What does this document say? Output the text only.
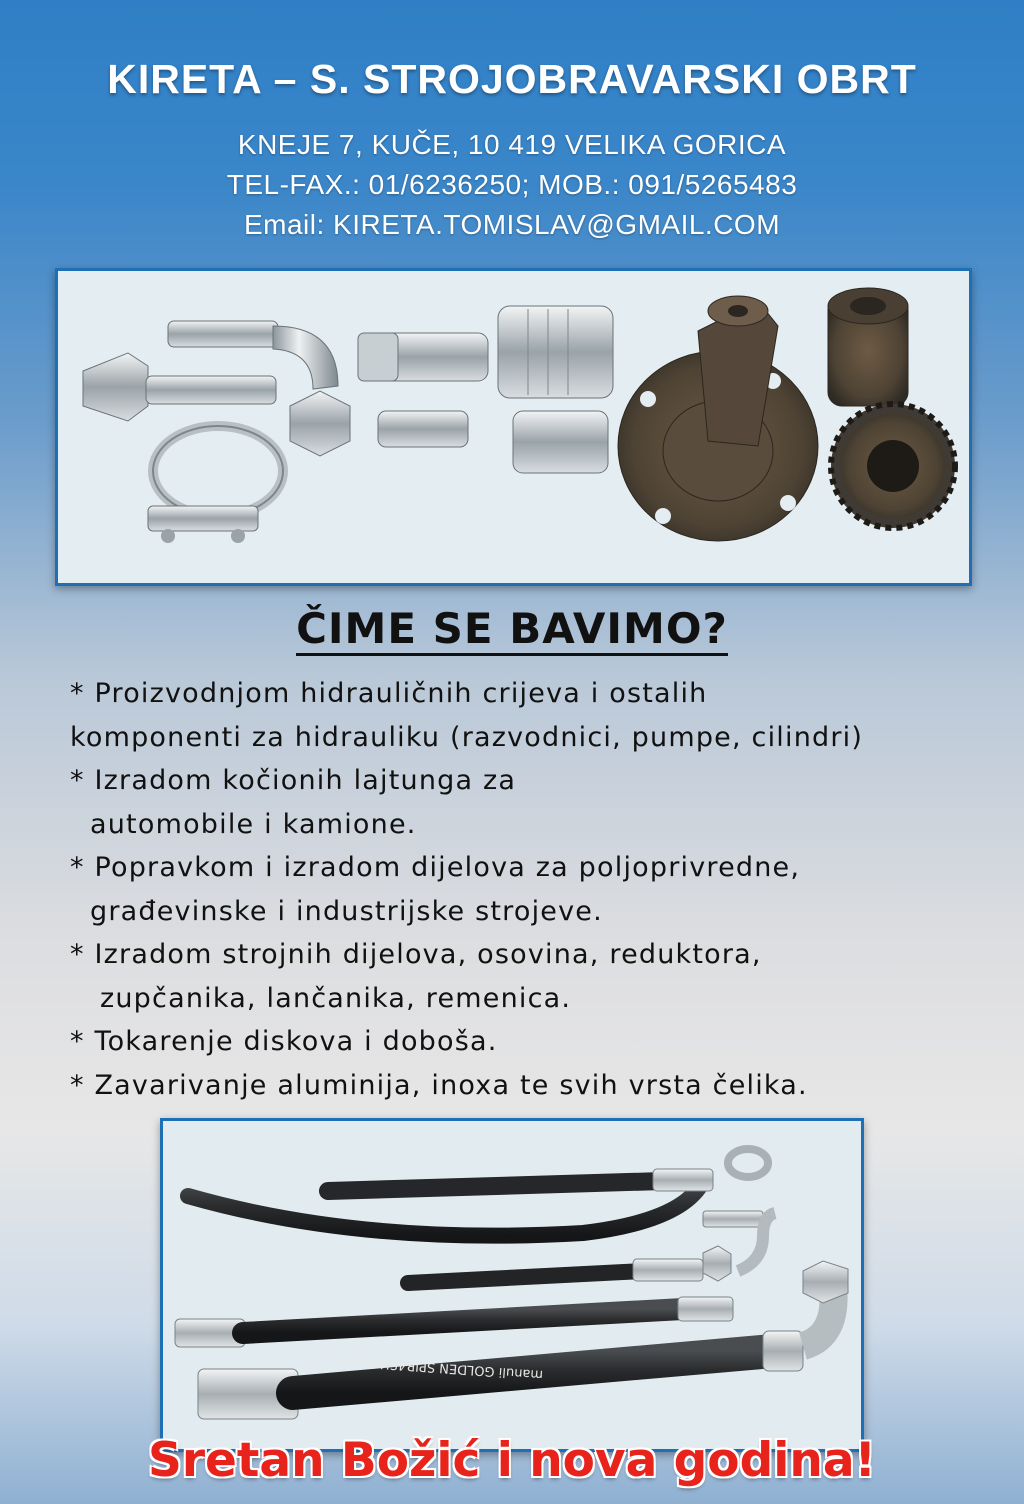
KIRETA – S. STROJOBRAVARSKI OBRT
KNEJE 7, KUČE, 10 419 VELIKA GORICA
TEL-FAX.: 01/6236250; MOB.: 091/5265483
Email: KIRETA.TOMISLAV@GMAIL.COM
ČIME SE BAVIMO?
* Proizvodnjom hidrauličnih crijeva i ostalih
komponenti za hidrauliku (razvodnici, pumpe, cilindri)
* Izradom kočionih lajtunga za
automobile i kamione.
* Popravkom i izradom dijelova za poljoprivredne,
građevinske i industrijske strojeve.
* Izradom strojnih dijelova, osovina, reduktora,
zupčanika, lančanika, remenica.
* Tokarenje diskova i doboša.
* Zavarivanje aluminija, inoxa te svih vrsta čelika.
manuli GOLDEN SPIR4SH Dia -12
Sretan Božić i nova godina!
